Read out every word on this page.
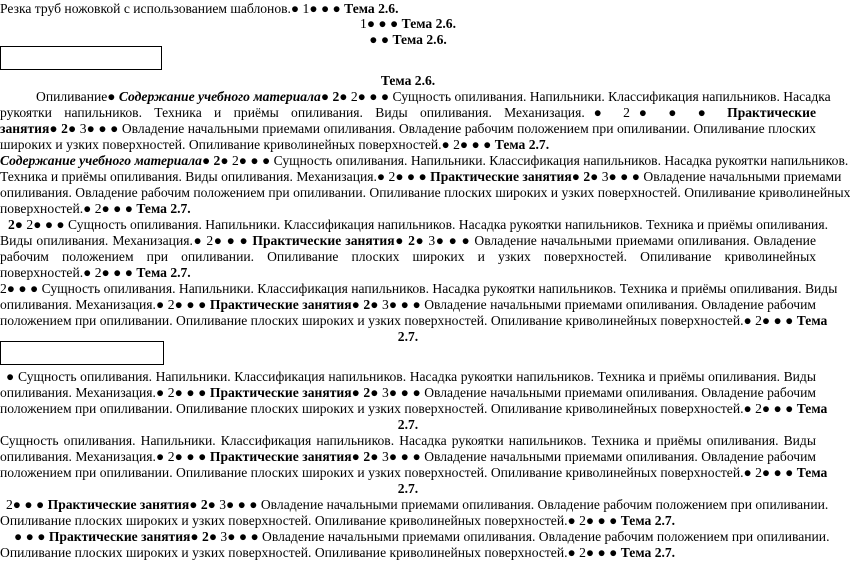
Резка труб ножовкой с использованием шаблонов.● 1● ● ● Тема 2.6.
1● ● ● Тема 2.6.
● ● Тема 2.6.
Тема 2.6.
Опиливание● Содержание учебного материала● 2● 2● ● ● Сущность опиливания. Напильники. Классификация напильников. Насадка
рукоятки напильников. Техника и приёмы опиливания. Виды опиливания. Механизация.● 2● ● ● Практические
занятия● 2● 3● ● ● Овладение начальными приемами опиливания. Овладение рабочим положением при опиливании. Опиливание плоских
широких и узких поверхностей. Опиливание криволинейных поверхностей.● 2● ● ● Тема 2.7.
Содержание учебного материала● 2● 2● ● ● Сущность опиливания. Напильники. Классификация напильников. Насадка рукоятки напильников.
Техника и приёмы опиливания. Виды опиливания. Механизация.● 2● ● ● Практические занятия● 2● 3● ● ● Овладение начальными приемами
опиливания. Овладение рабочим положением при опиливании. Опиливание плоских широких и узких поверхностей. Опиливание криволинейных
поверхностей.● 2● ● ● Тема 2.7.
2● 2● ● ● Сущность опиливания. Напильники. Классификация напильников. Насадка рукоятки напильников. Техника и приёмы опиливания.
Виды опиливания. Механизация.● 2● ● ● Практические занятия● 2● 3● ● ● Овладение начальными приемами опиливания. Овладение
рабочим положением при опиливании. Опиливание плоских широких и узких поверхностей. Опиливание криволинейных
поверхностей.● 2● ● ● Тема 2.7.
2● ● ● Сущность опиливания. Напильники. Классификация напильников. Насадка рукоятки напильников. Техника и приёмы опиливания. Виды
опиливания. Механизация.● 2● ● ● Практические занятия● 2● 3● ● ● Овладение начальными приемами опиливания. Овладение рабочим
положением при опиливании. Опиливание плоских широких и узких поверхностей. Опиливание криволинейных поверхностей.● 2● ● ● Тема
2.7.
● Сущность опиливания. Напильники. Классификация напильников. Насадка рукоятки напильников. Техника и приёмы опиливания. Виды
опиливания. Механизация.● 2● ● ● Практические занятия● 2● 3● ● ● Овладение начальными приемами опиливания. Овладение рабочим
положением при опиливании. Опиливание плоских широких и узких поверхностей. Опиливание криволинейных поверхностей.● 2● ● ● Тема
2.7.
Сущность опиливания. Напильники. Классификация напильников. Насадка рукоятки напильников. Техника и приёмы опиливания. Виды
опиливания. Механизация.● 2● ● ● Практические занятия● 2● 3● ● ● Овладение начальными приемами опиливания. Овладение рабочим
положением при опиливании. Опиливание плоских широких и узких поверхностей. Опиливание криволинейных поверхностей.● 2● ● ● Тема
2.7.
2● ● ● Практические занятия● 2● 3● ● ● Овладение начальными приемами опиливания. Овладение рабочим положением при опиливании.
Опиливание плоских широких и узких поверхностей. Опиливание криволинейных поверхностей.● 2● ● ● Тема 2.7.
● ● ● Практические занятия● 2● 3● ● ● Овладение начальными приемами опиливания. Овладение рабочим положением при опиливании.
Опиливание плоских широких и узких поверхностей. Опиливание криволинейных поверхностей.● 2● ● ● Тема 2.7.
